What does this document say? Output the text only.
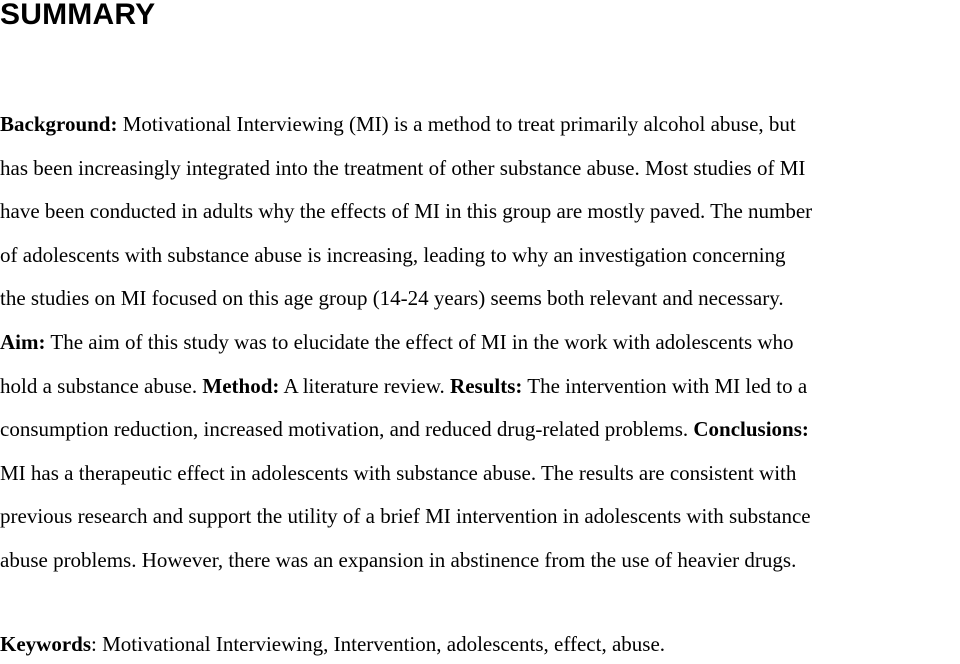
SUMMARY
Background: Motivational Interviewing (MI) is a method to treat primarily alcohol abuse, but
has been increasingly integrated into the treatment of other substance abuse. Most studies of MI
have been conducted in adults why the effects of MI in this group are mostly paved. The number
of adolescents with substance abuse is increasing, leading to why an investigation concerning
the studies on MI focused on this age group (14-24 years) seems both relevant and necessary.
Aim: The aim of this study was to elucidate the effect of MI in the work with adolescents who
hold a substance abuse. Method: A literature review. Results: The intervention with MI led to a
consumption reduction, increased motivation, and reduced drug-related problems. Conclusions:
MI has a therapeutic effect in adolescents with substance abuse. The results are consistent with
previous research and support the utility of a brief MI intervention in adolescents with substance
abuse problems. However, there was an expansion in abstinence from the use of heavier drugs.

Keywords: Motivational Interviewing, Intervention, adolescents, effect, abuse.
